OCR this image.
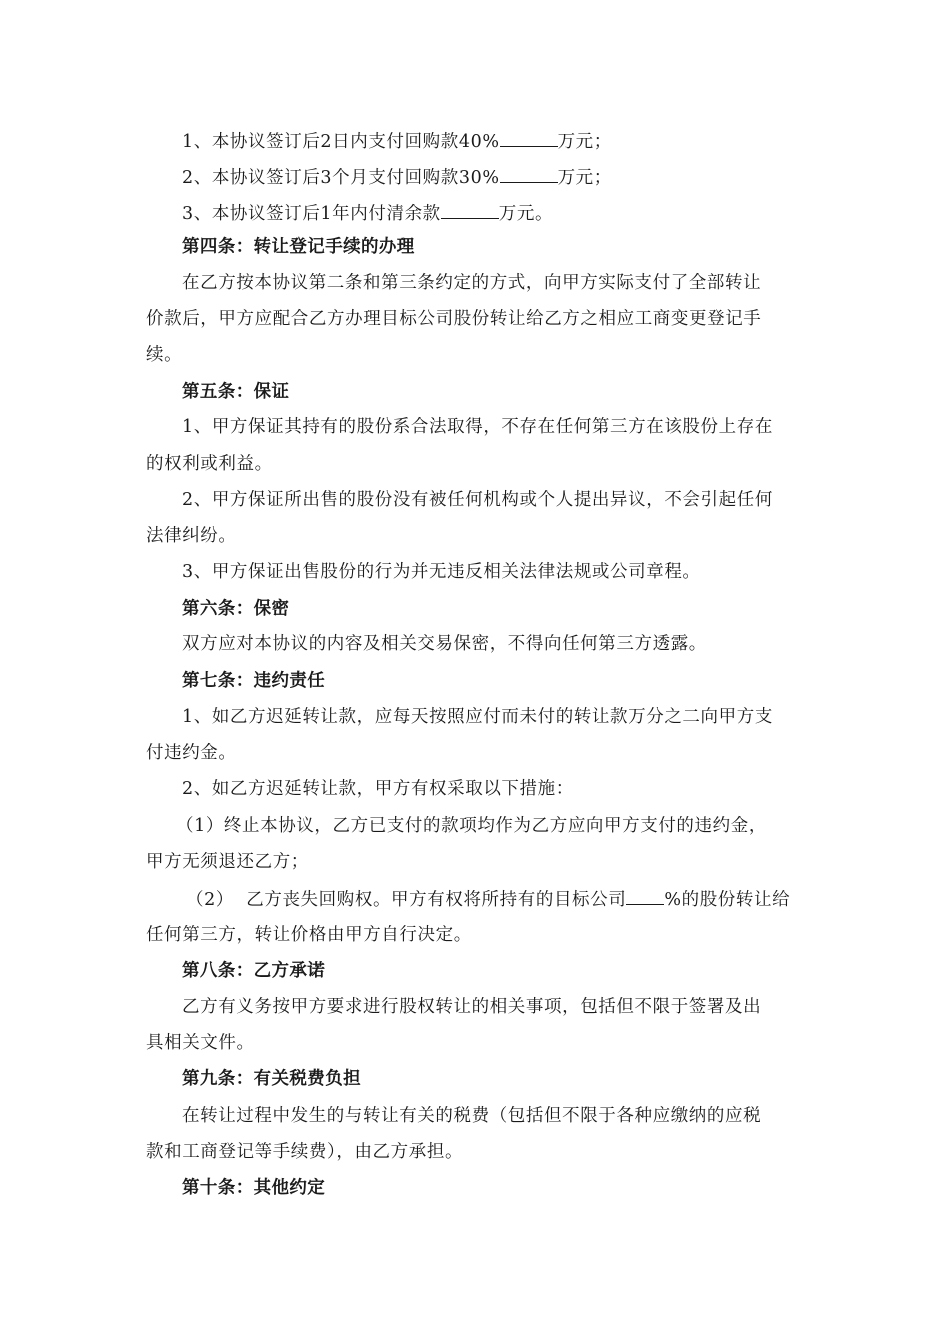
1、本协议签订后2日内支付回购款40%	万元；
2、本协议签订后3个月支付回购款30%	万元；
3、本协议签订后1年内付清余款	万元。
第四条：转让登记手续的办理
在乙方按本协议第二条和第三条约定的方式，向甲方实际支付了全部转让
价款后，甲方应配合乙方办理目标公司股份转让给乙方之相应工商变更登记手
续。
第五条：保证
1、甲方保证其持有的股份系合法取得，不存在任何第三方在该股份上存在
的权利或利益。
2、甲方保证所出售的股份没有被任何机构或个人提出异议，不会引起任何
法律纠纷。
3、甲方保证出售股份的行为并无违反相关法律法规或公司章程。
第六条：保密
双方应对本协议的内容及相关交易保密，不得向任何第三方透露。
第七条：违约责任
1、如乙方迟延转让款，应每天按照应付而未付的转让款万分之二向甲方支
付违约金。
2、如乙方迟延转让款，甲方有权采取以下措施：
（1）终止本协议，乙方已支付的款项均作为乙方应向甲方支付的违约金，
甲方无须退还乙方；
（2）  乙方丧失回购权。甲方有权将所持有的目标公司 %的股份转让给
任何第三方，转让价格由甲方自行决定。
第八条：乙方承诺
乙方有义务按甲方要求进行股权转让的相关事项，包括但不限于签署及出
具相关文件。
第九条：有关税费负担
在转让过程中发生的与转让有关的税费（包括但不限于各种应缴纳的应税
款和工商登记等手续费），由乙方承担。
第十条：其他约定
